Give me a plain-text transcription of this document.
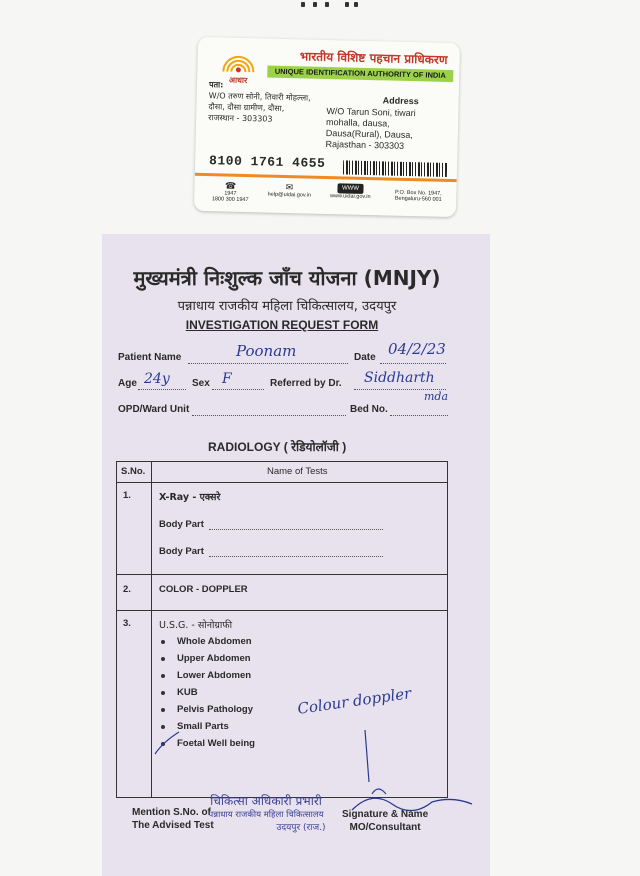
आधार
भारतीय विशिष्ट पहचान प्राधिकरण
UNIQUE IDENTIFICATION AUTHORITY OF INDIA
पता:
W/O तरुण सोनी, तिवारी मोहल्ला,
दौसा, दौसा ग्रामीण, दौसा,
राजस्थान - 303303
Address
W/O Tarun Soni, tiwari
mohalla, dausa,
Dausa(Rural), Dausa,
Rajasthan - 303303
8100 1761 4655
☎
1947
1800 300 1947
✉
help@uidai.gov.in
WWW
www.uidai.gov.in	P.O. Box No. 1947,
Bengaluru-560 001
मुख्यमंत्री निःशुल्क जाँच योजना (MNJY)
पन्नाधाय राजकीय महिला चिकित्सालय, उदयपुर
INVESTIGATION REQUEST FORM
Patient Name	Poonam	Date 04/2/23
Age 24y Sex F	Referred by Dr. Siddharth
mda
OPD/Ward Unit	Bed No.
RADIOLOGY ( रेडियोलॉजी )
S.No.	Name of Tests
1.	X-Ray - एक्सरे
Body Part
Body Part
2.	COLOR - DOPPLER
3.	U.S.G. - सोनोग्राफी
Whole Abdomen
Upper Abdomen
Lower Abdomen
KUB
Pelvis Pathology
Small Parts
Foetal Well being
Colour doppler
Mention S.No. of
The Advised Test
चिकित्सा अधिकारी प्रभारी
पन्नाधाय राजकीय महिला चिकित्सालय
उदयपुर (राज.)
Signature & Name
MO/Consultant
